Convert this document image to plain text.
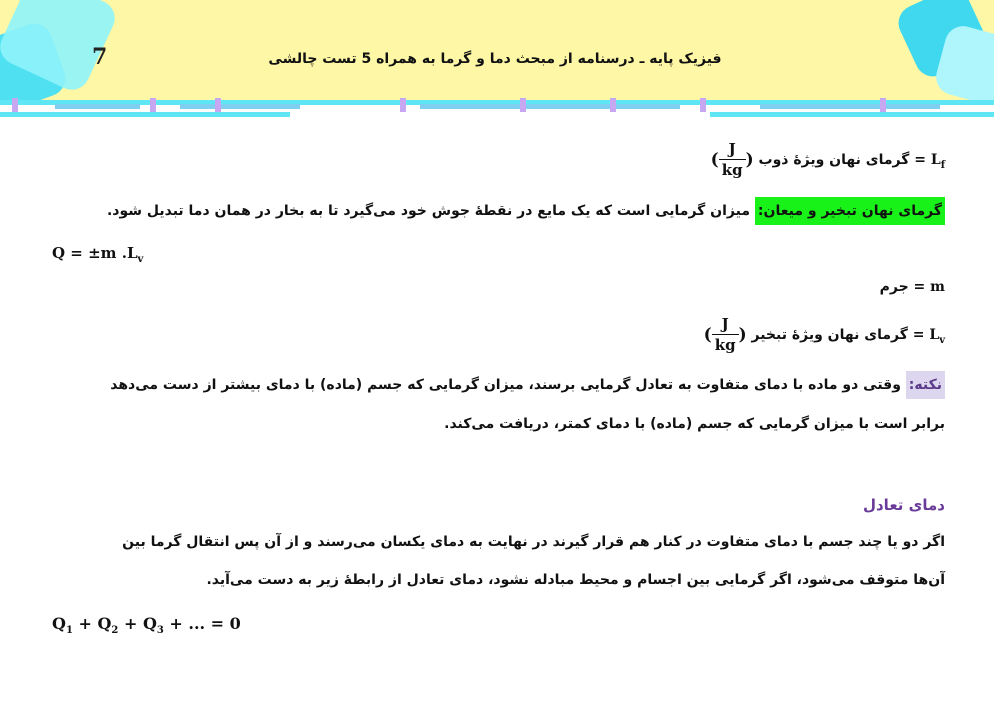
7	فیزیک پایه ـ درسنامه از مبحث دما و گرما به همراه 5 تست چالشی
$L_f$ = گرمای نهان ویژۀ ذوب ( $\frac{J}{kg}$ )
گرمای نهان تبخیر و میعان: میزان گرمایی است که یک مایع در نقطۀ جوش خود می‌گیرد تا به بخار در همان دما تبدیل شود.
Q = ±m $.L_v$
m = جرم
$L_v$ = گرمای نهان ویژۀ تبخیر ( $\frac{J}{kg}$ )
نکته: وقتی دو ماده با دمای متفاوت به تعادل گرمایی برسند، میزان گرمایی که جسم (ماده) با دمای بیشتر از دست می‌دهد
برابر است با میزان گرمایی که جسم (ماده) با دمای کمتر، دریافت می‌کند.
دمای تعادل
اگر دو یا چند جسم با دمای متفاوت در کنار هم قرار گیرند در نهایت به دمای یکسان می‌رسند و از آن پس انتقال گرما بین
آن‌ها متوقف می‌شود، اگر گرمایی بین اجسام و محیط مبادله نشود، دمای تعادل از رابطۀ زیر به دست می‌آید.
$Q_1 + Q_2 + Q_3$ + ... = 0
